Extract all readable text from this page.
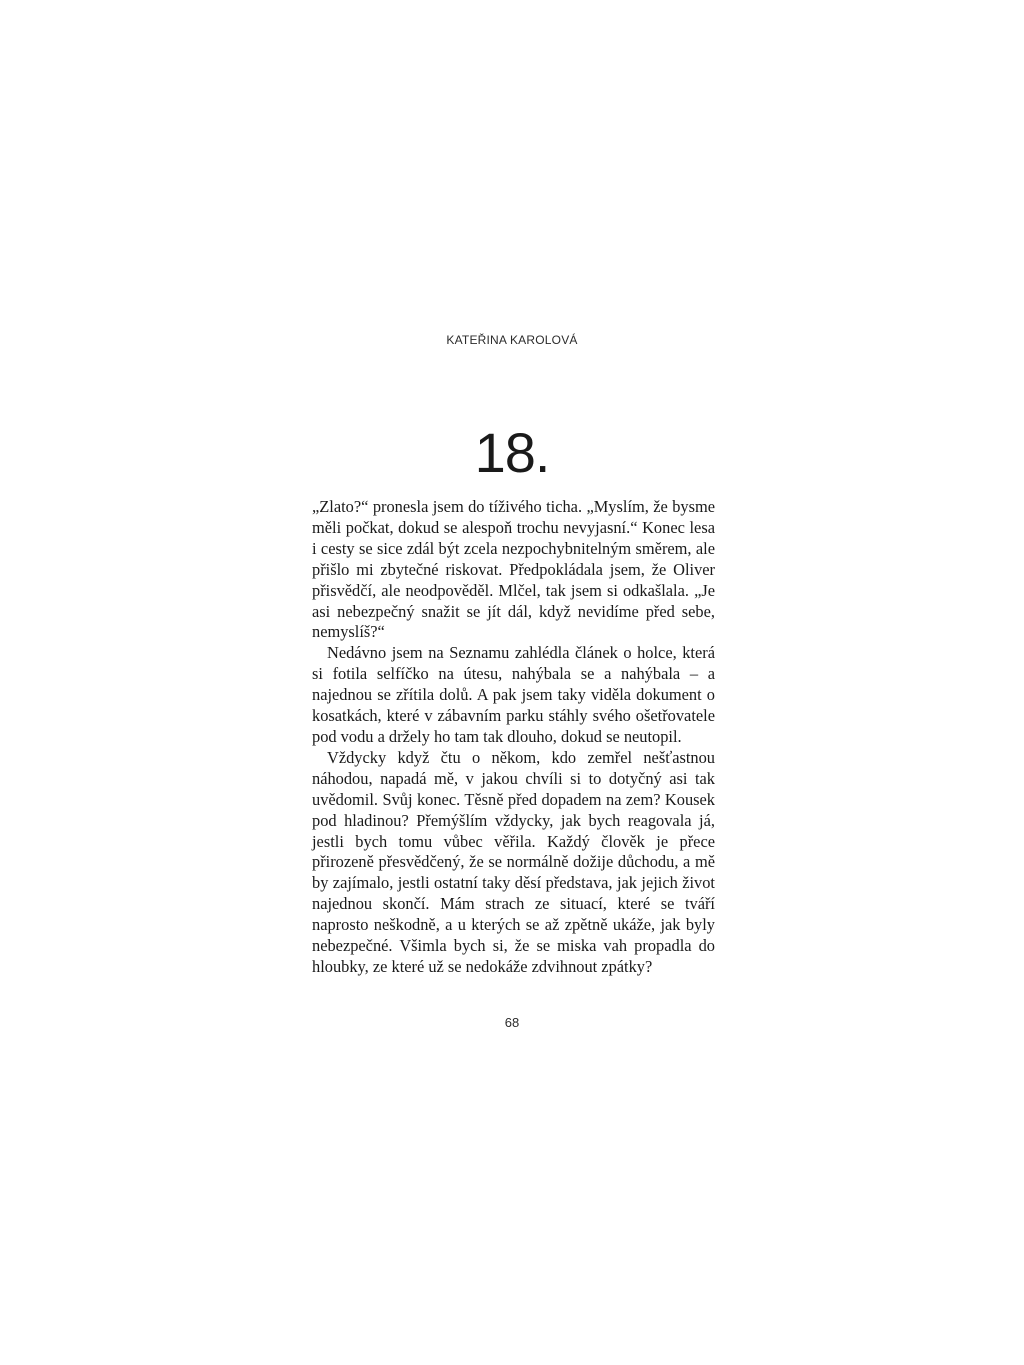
KATEŘINA KAROLOVÁ
18.

„Zlato?“ pronesla jsem do tíživého ticha. „Myslím, že bysme měli počkat, dokud se alespoň trochu nevyjasní.“ Konec lesa i cesty se sice zdál být zcela nezpochybnitelným směrem, ale přišlo mi zbytečné riskovat. Předpokládala jsem, že Oliver přisvědčí, ale neodpověděl. Mlčel, tak jsem si odkašlala. „Je asi nebezpečný snažit se jít dál, když nevidíme před sebe, nemyslíš?“

Nedávno jsem na Seznamu zahlédla článek o holce, která si fotila selfíčko na útesu, nahýbala se a nahýbala – a najednou se zřítila dolů. A pak jsem taky viděla dokument o kosatkách, které v zábavním parku stáhly svého ošetřovatele pod vodu a držely ho tam tak dlouho, dokud se neutopil.

Vždycky když čtu o někom, kdo zemřel nešťastnou náhodou, napadá mě, v jakou chvíli si to dotyčný asi tak uvědomil. Svůj konec. Těsně před dopadem na zem? Kousek pod hladinou? Přemýšlím vždycky, jak bych reagovala já, jestli bych tomu vůbec věřila. Každý člověk je přece přirozeně přesvědčený, že se normálně dožije důchodu, a mě by zajímalo, jestli ostatní taky děsí představa, jak jejich život najednou skončí. Mám strach ze situací, které se tváří naprosto neškodně, a u kterých se až zpětně ukáže, jak byly nebezpečné. Všimla bych si, že se miska vah propadla do hloubky, ze které už se nedokáže zdvihnout zpátky?

68
